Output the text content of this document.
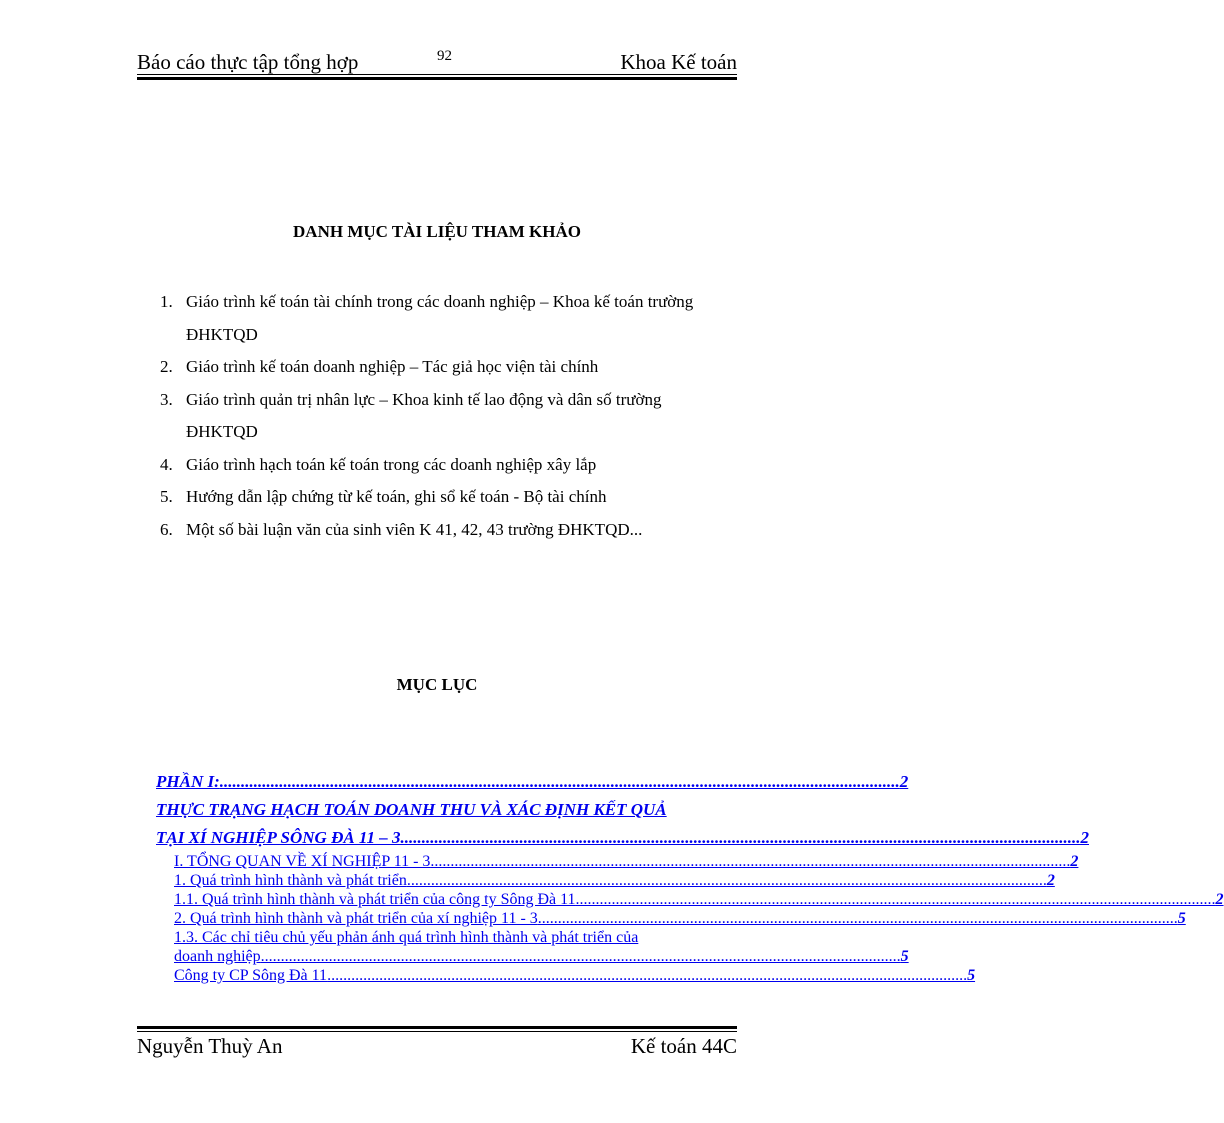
Báo cáo thực tập tổng hợp	92	Khoa Kế toán
DANH MỤC TÀI LIỆU THAM KHẢO
1. Giáo trình kế toán tài chính trong các doanh nghiệp – Khoa kế toán trường ĐHKTQD
2. Giáo trình kế toán doanh nghiệp – Tác giả học viện tài chính
3. Giáo trình quản trị nhân lực – Khoa kinh tế lao động và dân số trường ĐHKTQD
4. Giáo trình hạch toán kế toán trong các doanh nghiệp xây lắp
5. Hướng dẫn lập chứng từ kế toán, ghi sổ kế toán - Bộ tài chính
6. Một số bài luận văn của sinh viên K 41, 42, 43 trường ĐHKTQD...
MỤC LỤC
PHẦN I: ................................................................................................................................................................ 2
THỰC TRẠNG HẠCH TOÁN DOANH THU VÀ XÁC ĐỊNH KẾT QUẢ
TẠI XÍ NGHIỆP SÔNG ĐÀ 11 – 3 ................................................................................................................................................................ 2
I. TỔNG QUAN VỀ XÍ NGHIỆP 11 - 3 ................................................................................................................................................................ 2
1. Quá trình hình thành và phát triển ................................................................................................................................................................ 2
1.1. Quá trình hình thành và phát triển của công ty Sông Đà 11 ................................................................................................................................................................ 2
2. Quá trình hình thành và phát triển của xí nghiệp 11 - 3 ................................................................................................................................................................ 5
1.3. Các chỉ tiêu chủ yếu phản ánh quá trình hình thành và phát triển của
doanh nghiệp ................................................................................................................................................................ 5
Công ty CP Sông Đà 11 ................................................................................................................................................................ 5
Nguyễn Thuỳ An	Kế toán 44C
